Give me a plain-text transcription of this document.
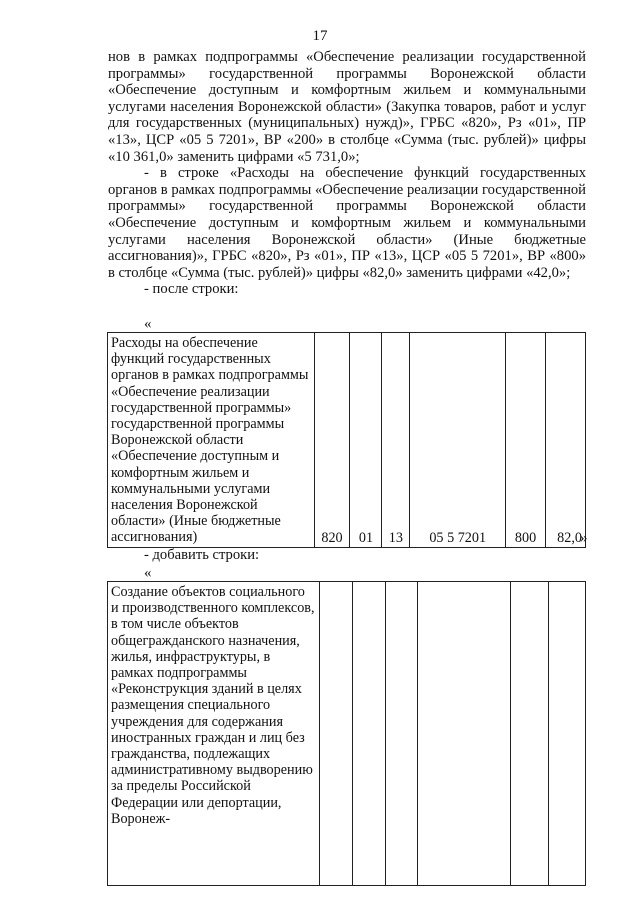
17

нов в рамках подпрограммы «Обеспечение реализации государственной программы» государственной программы Воронежской области «Обеспечение доступным и комфортным жильем и коммунальными услугами населения Воронежской области» (Закупка товаров, работ и услуг для государственных (муниципальных) нужд)», ГРБС «820», Рз «01», ПР «13», ЦСР «05 5 7201», ВР «200» в столбце «Сумма (тыс. рублей)» цифры «10 361,0» заменить цифрами «5 731,0»;

- в строке «Расходы на обеспечение функций государственных органов в рамках подпрограммы «Обеспечение реализации государственной программы» государственной программы Воронежской области «Обеспечение доступным и комфортным жильем и коммунальными услугами населения Воронежской области» (Иные бюджетные ассигнования)», ГРБС «820», Рз «01», ПР «13», ЦСР «05 5 7201», ВР «800» в столбце «Сумма (тыс. рублей)» цифры «82,0» заменить цифрами «42,0»;

- после строки:

«
Расходы на обеспечение функций государственных органов в рамках подпрограммы «Обеспечение реализации государственной программы» государственной программы Воронежской области «Обеспечение доступным и комфортным жильем и коммунальными услугами населения Воронежской области» (Иные бюджетные ассигнования)	820	01	13	05 5 7201	800	82,0
»
- добавить строки:
«
Создание объектов социального и производственного комплексов, в том числе объектов общегражданского назначения, жилья, инфраструктуры, в рамках подпрограммы «Реконструкция зданий в целях размещения специального учреждения для содержания иностранных граждан и лиц без гражданства, подлежащих административному выдворению за пределы Российской Федерации или депортации, Воронеж-						
